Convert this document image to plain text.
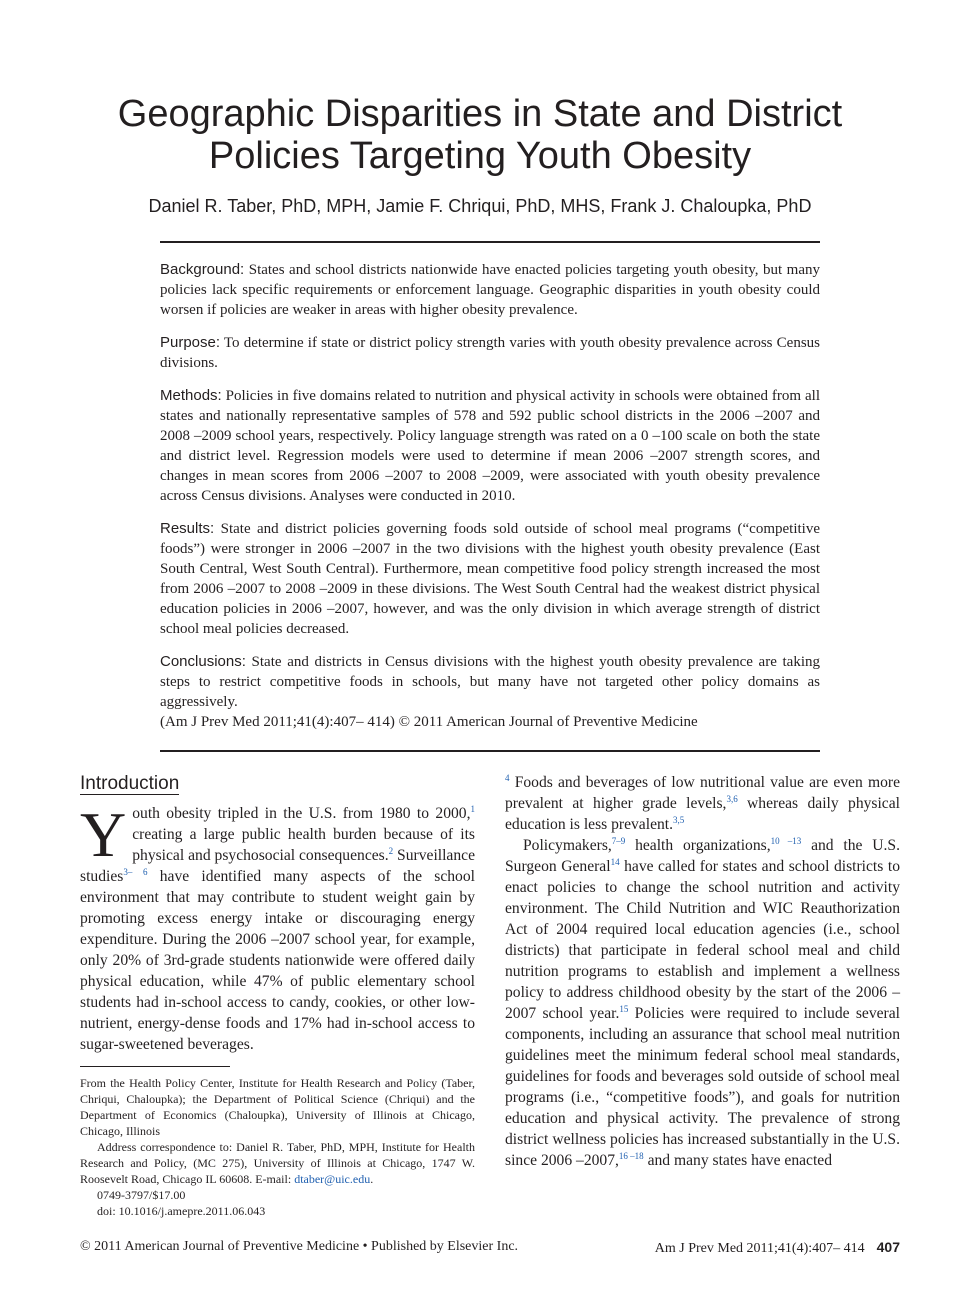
Geographic Disparities in State and District
Policies Targeting Youth Obesity
Daniel R. Taber, PhD, MPH, Jamie F. Chriqui, PhD, MHS, Frank J. Chaloupka, PhD

Background: States and school districts nationwide have enacted policies targeting youth obesity, but many policies lack specific requirements or enforcement language. Geographic disparities in youth obesity could worsen if policies are weaker in areas with higher obesity prevalence.

Purpose: To determine if state or district policy strength varies with youth obesity prevalence across Census divisions.

Methods: Policies in five domains related to nutrition and physical activity in schools were obtained from all states and nationally representative samples of 578 and 592 public school districts in the 2006 –2007 and 2008 –2009 school years, respectively. Policy language strength was rated on a 0 –100 scale on both the state and district level. Regression models were used to determine if mean 2006 –2007 strength scores, and changes in mean scores from 2006 –2007 to 2008 –2009, were associated with youth obesity prevalence across Census divisions. Analyses were conducted in 2010.

Results: State and district policies governing foods sold outside of school meal programs (“competitive foods”) were stronger in 2006 –2007 in the two divisions with the highest youth obesity prevalence (East South Central, West South Central). Furthermore, mean competitive food policy strength increased the most from 2006 –2007 to 2008 –2009 in these divisions. The West South Central had the weakest district physical education policies in 2006 –2007, however, and was the only division in which average strength of district school meal policies decreased.

Conclusions: State and districts in Census divisions with the highest youth obesity prevalence are taking steps to restrict competitive foods in schools, but many have not targeted other policy domains as aggressively.

(Am J Prev Med 2011;41(4):407– 414) © 2011 American Journal of Preventive Medicine

Introduction

Youth obesity tripled in the U.S. from 1980 to 2000,$^1$ creating a large public health burden because of its physical and psychosocial consequences.$^2$ Surveillance studies$^{3- 6}$ have identified many aspects of the school environment that may contribute to student weight gain by promoting excess energy intake or discouraging energy expenditure. During the 2006 –2007 school year, for example, only 20% of 3rd-grade students nationwide were offered daily physical education, while 47% of public elementary school students had in-school access to candy, cookies, or other low-nutrient, energy-dense foods and 17% had in-school access to sugar-sweetened beverages.

From the Health Policy Center, Institute for Health Research and Policy (Taber, Chriqui, Chaloupka); the Department of Political Science (Chriqui) and the Department of Economics (Chaloupka), University of Illinois at Chicago, Chicago, Illinois

Address correspondence to: Daniel R. Taber, PhD, MPH, Institute for Health Research and Policy, (MC 275), University of Illinois at Chicago, 1747 W. Roosevelt Road, Chicago IL 60608. E-mail: dtaber@uic.edu.

0749-3797/$17.00

doi: 10.1016/j.amepre.2011.06.043

$^4$ Foods and beverages of low nutritional value are even more prevalent at higher grade levels,$^{3,6}$ whereas daily physical education is less prevalent.$^{3,5}$

Policymakers,$^{7-9}$ health organizations,$^{10 -13}$ and the U.S. Surgeon General$^{14}$ have called for states and school districts to enact policies to change the school nutrition and activity environment. The Child Nutrition and WIC Reauthorization Act of 2004 required local education agencies (i.e., school districts) that participate in federal school meal and child nutrition programs to establish and implement a wellness policy to address childhood obesity by the start of the 2006 –2007 school year.$^{15}$ Policies were required to include several components, including an assurance that school meal nutrition guidelines meet the minimum federal school meal standards, guidelines for foods and beverages sold outside of school meal programs (i.e., “competitive foods”), and goals for nutrition education and physical activity. The prevalence of strong district wellness policies has increased substantially in the U.S. since 2006 –2007,$^{16 -18}$ and many states have enacted

© 2011 American Journal of Preventive Medicine • Published by Elsevier Inc.	Am J Prev Med 2011;41(4):407– 414 407
